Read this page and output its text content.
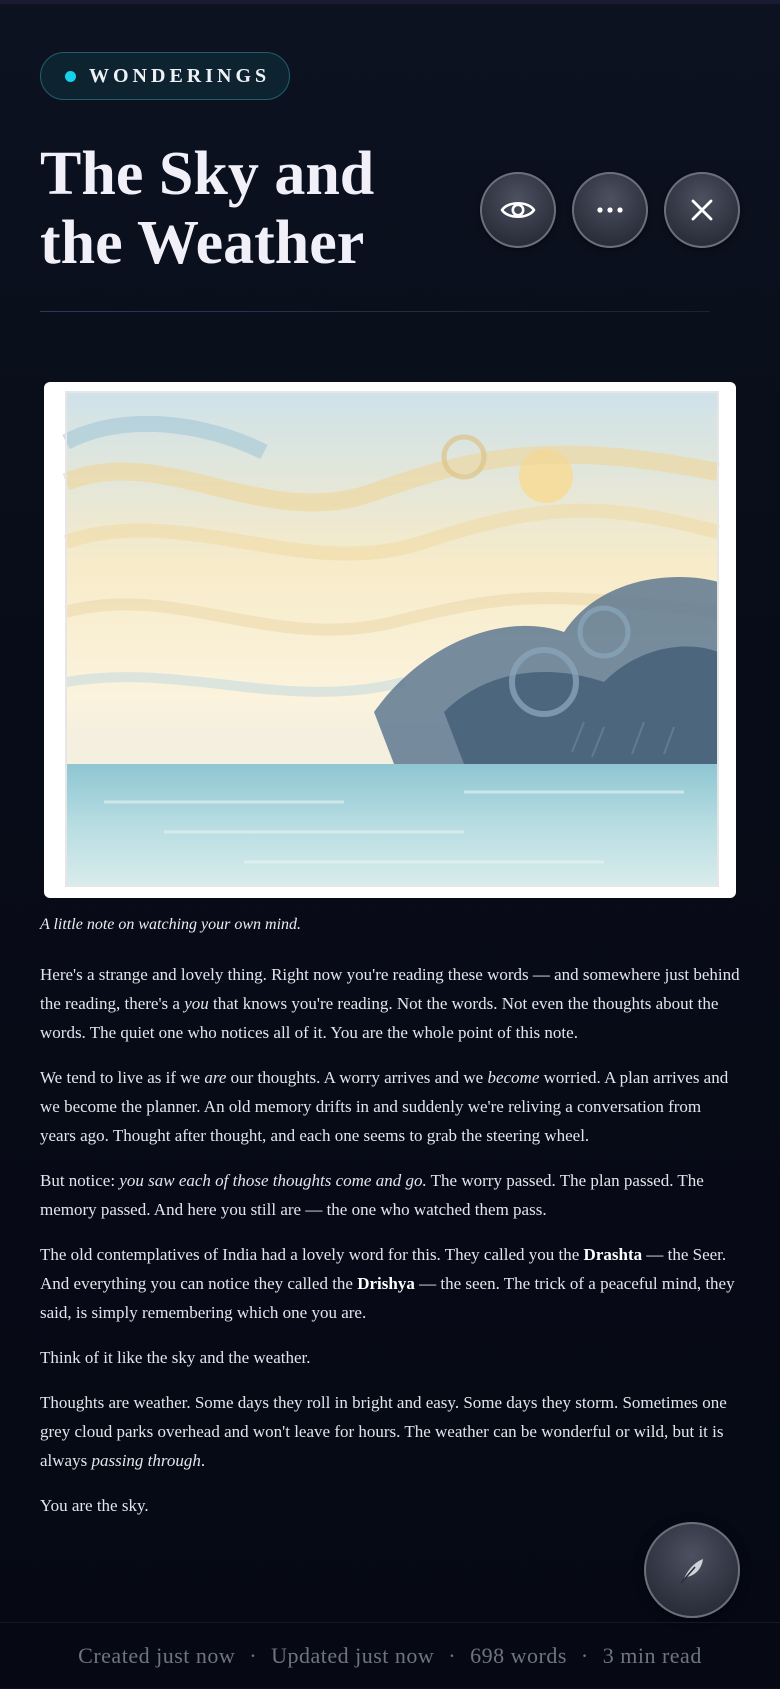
WONDERINGS
The Sky and
the Weather
A little note on watching your own mind.

Here's a strange and lovely thing. Right now you're reading these words — and somewhere just behind the reading, there's a you that knows you're reading. Not the words. Not even the thoughts about the words. The quiet one who notices all of it. You are the whole point of this note.

We tend to live as if we are our thoughts. A worry arrives and we become worried. A plan arrives and we become the planner. An old memory drifts in and suddenly we're reliving a conversation from years ago. Thought after thought, and each one seems to grab the steering wheel.

But notice: you saw each of those thoughts come and go. The worry passed. The plan passed. The memory passed. And here you still are — the one who watched them pass.

The old contemplatives of India had a lovely word for this. They called you the Drashta — the Seer. And everything you can notice they called the Drishya — the seen. The trick of a peaceful mind, they said, is simply remembering which one you are.

Think of it like the sky and the weather.

Thoughts are weather. Some days they roll in bright and easy. Some days they storm. Sometimes one grey cloud parks overhead and won't leave for hours. The weather can be wonderful or wild, but it is always passing through.

You are the sky.

Created just now · Updated just now · 698 words · 3 min read
